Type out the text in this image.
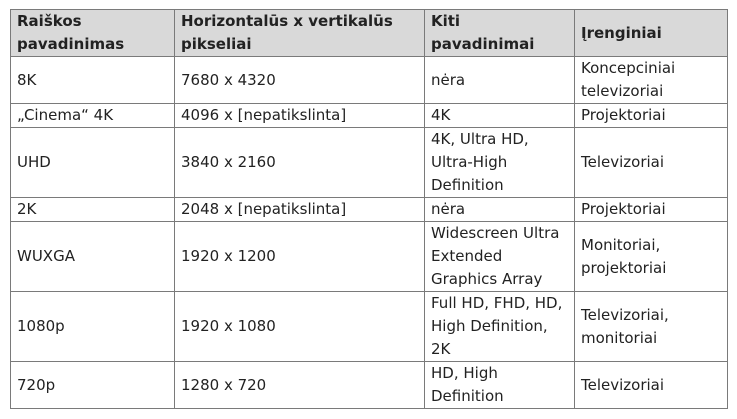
Raiškos pavadinimas	Horizontalūs x vertikalūs pikseliai	Kiti pavadinimai	Įrenginiai
8K	7680 x 4320	nėra	Koncepciniai televizoriai
„Cinema“ 4K	4096 x [nepatikslinta]	4K	Projektoriai
UHD	3840 x 2160	4K, Ultra HD, Ultra-High Definition	Televizoriai
2K	2048 x [nepatikslinta]	nėra	Projektoriai
WUXGA	1920 x 1200	Widescreen Ultra Extended Graphics Array	Monitoriai, projektoriai
1080p	1920 x 1080	Full HD, FHD, HD, High Definition, 2K	Televizoriai, monitoriai
720p	1280 x 720	HD, High Definition	Televizoriai
